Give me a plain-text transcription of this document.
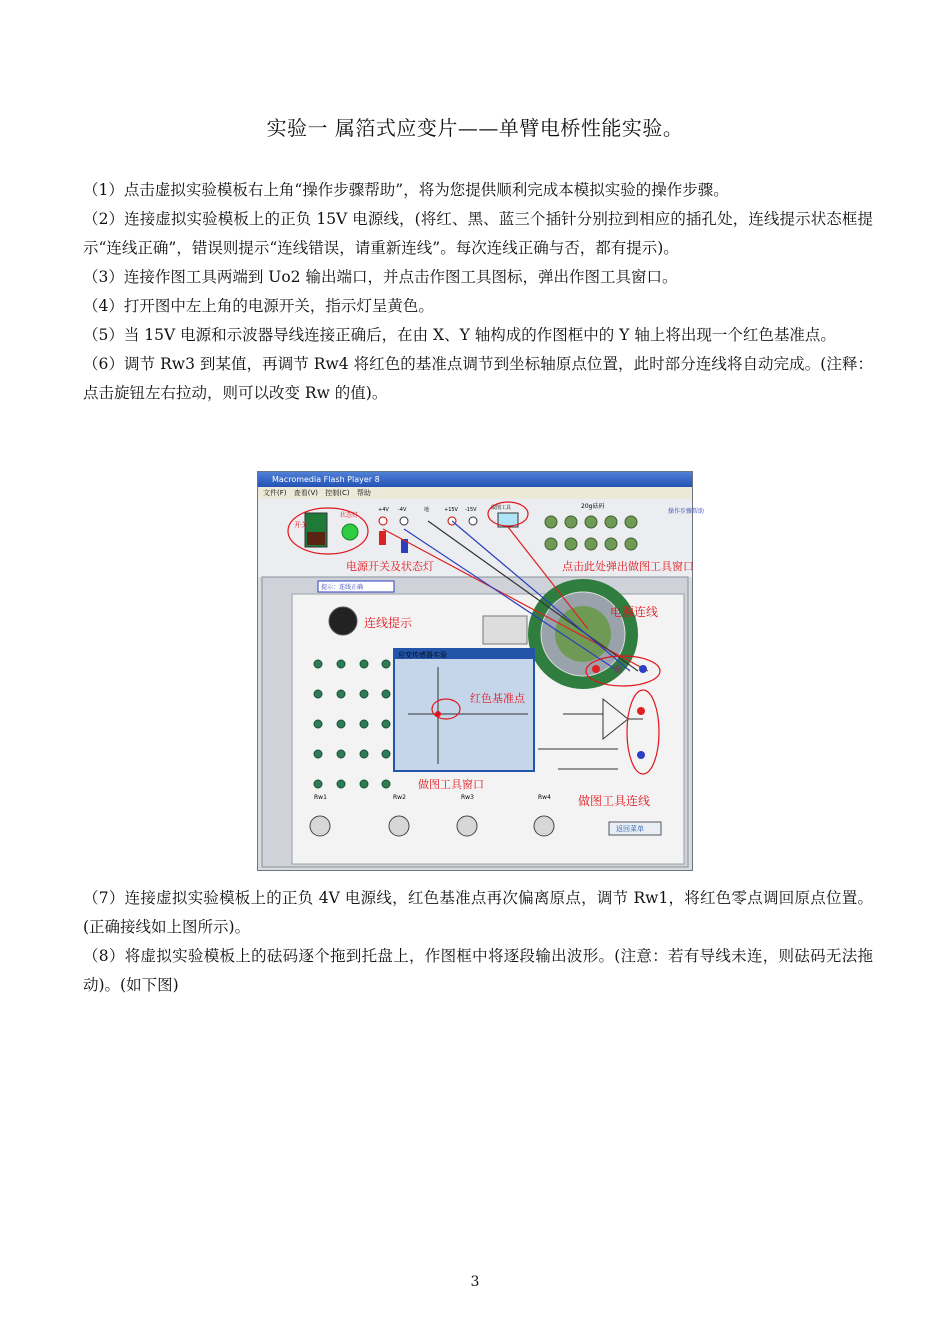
实验一 属箔式应变片——单臂电桥性能实验。

（1）点击虚拟实验模板右上角“操作步骤帮助”，将为您提供顺利完成本模拟实验的操作步骤。

（2）连接虚拟实验模板上的正负 15V 电源线，(将红、黑、蓝三个插针分别拉到相应的插孔处，连线提示状态框提示“连线正确”，错误则提示“连线错误，请重新连线”。每次连线正确与否，都有提示)。

（3）连接作图工具两端到 Uo2 输出端口，并点击作图工具图标，弹出作图工具窗口。

（4）打开图中左上角的电源开关，指示灯呈黄色。

（5）当 15V 电源和示波器导线连接正确后，在由 X、Y 轴构成的作图框中的 Y 轴上将出现一个红色基准点。

（6）调节 Rw3 到某值，再调节 Rw4 将红色的基准点调节到坐标轴原点位置，此时部分连线将自动完成。(注释：点击旋钮左右拉动，则可以改变 Rw 的值)。

Macromedia Flash Player 8
文件(F) 查看(V) 控制(C) 帮助
开关
状态灯
+4V -4V	地	+15V -15V	做图工具	20g砝码
操作步骤帮助
电源开关及状态灯	点击此处弹出做图工具窗口
提示：连线正确
连线提示
电源连线
应变传感器实验
红色基准点
做图工具窗口
做图工具连线
Rw1	Rw2	Rw3	Rw4
返回菜单

（7）连接虚拟实验模板上的正负 4V 电源线，红色基准点再次偏离原点，调节 Rw1，将红色零点调回原点位置。(正确接线如上图所示)。

（8）将虚拟实验模板上的砝码逐个拖到托盘上，作图框中将逐段输出波形。(注意：若有导线未连，则砝码无法拖动)。(如下图)

3
